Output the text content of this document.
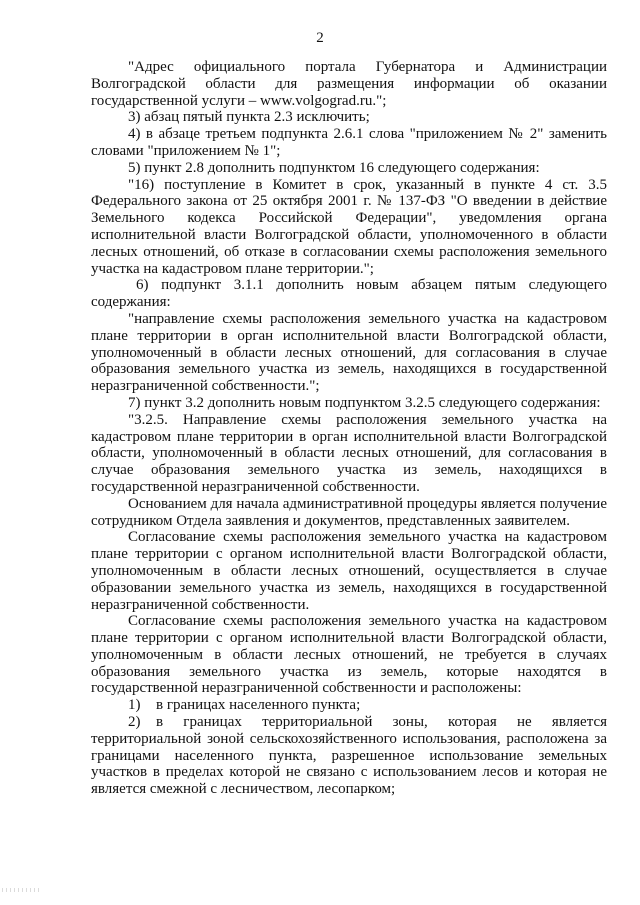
2

"Адрес официального портала Губернатора и Администрации Волгоградской области для размещения информации об оказании государственной услуги – www.volgograd.ru.";

3) абзац пятый пункта 2.3 исключить;

4) в абзаце третьем подпункта 2.6.1 слова "приложением № 2" заменить словами "приложением № 1";

5) пункт 2.8 дополнить подпунктом 16 следующего содержания:

"16) поступление в Комитет в срок, указанный в пункте 4 ст. 3.5 Федерального закона от 25 октября 2001 г. № 137-ФЗ "О введении в действие Земельного кодекса Российской Федерации", уведомления органа исполнительной власти Волгоградской области, уполномоченного в области лесных отношений, об отказе в согласовании схемы расположения земельного участка на кадастровом плане территории.";

6) подпункт 3.1.1 дополнить новым абзацем пятым следующего содержания:

"направление схемы расположения земельного участка на кадастровом плане территории в орган исполнительной власти Волгоградской области, уполномоченный в области лесных отношений, для согласования в случае образования земельного участка из земель, находящихся в государственной неразграниченной собственности.";

7) пункт 3.2 дополнить новым подпунктом 3.2.5 следующего содержания:

"3.2.5. Направление схемы расположения земельного участка на кадастровом плане территории в орган исполнительной власти Волгоградской области, уполномоченный в области лесных отношений, для согласования в случае образования земельного участка из земель, находящихся в государственной неразграниченной собственности.

Основанием для начала административной процедуры является получение сотрудником Отдела заявления и документов, представленных заявителем.

Согласование схемы расположения земельного участка на кадастровом плане территории с органом исполнительной власти Волгоградской области, уполномоченным в области лесных отношений, осуществляется в случае образовании земельного участка из земель, находящихся в государственной неразграниченной собственности.

Согласование схемы расположения земельного участка на кадастровом плане территории с органом исполнительной власти Волгоградской области, уполномоченным в области лесных отношений, не требуется в случаях образования земельного участка из земель, которые находятся в государственной неразграниченной собственности и расположены:

1) в границах населенного пункта;

2) в границах территориальной зоны, которая не является территориальной зоной сельскохозяйственного использования, расположена за границами населенного пункта, разрешенное использование земельных участков в пределах которой не связано с использованием лесов и которая не является смежной с лесничеством, лесопарком;
